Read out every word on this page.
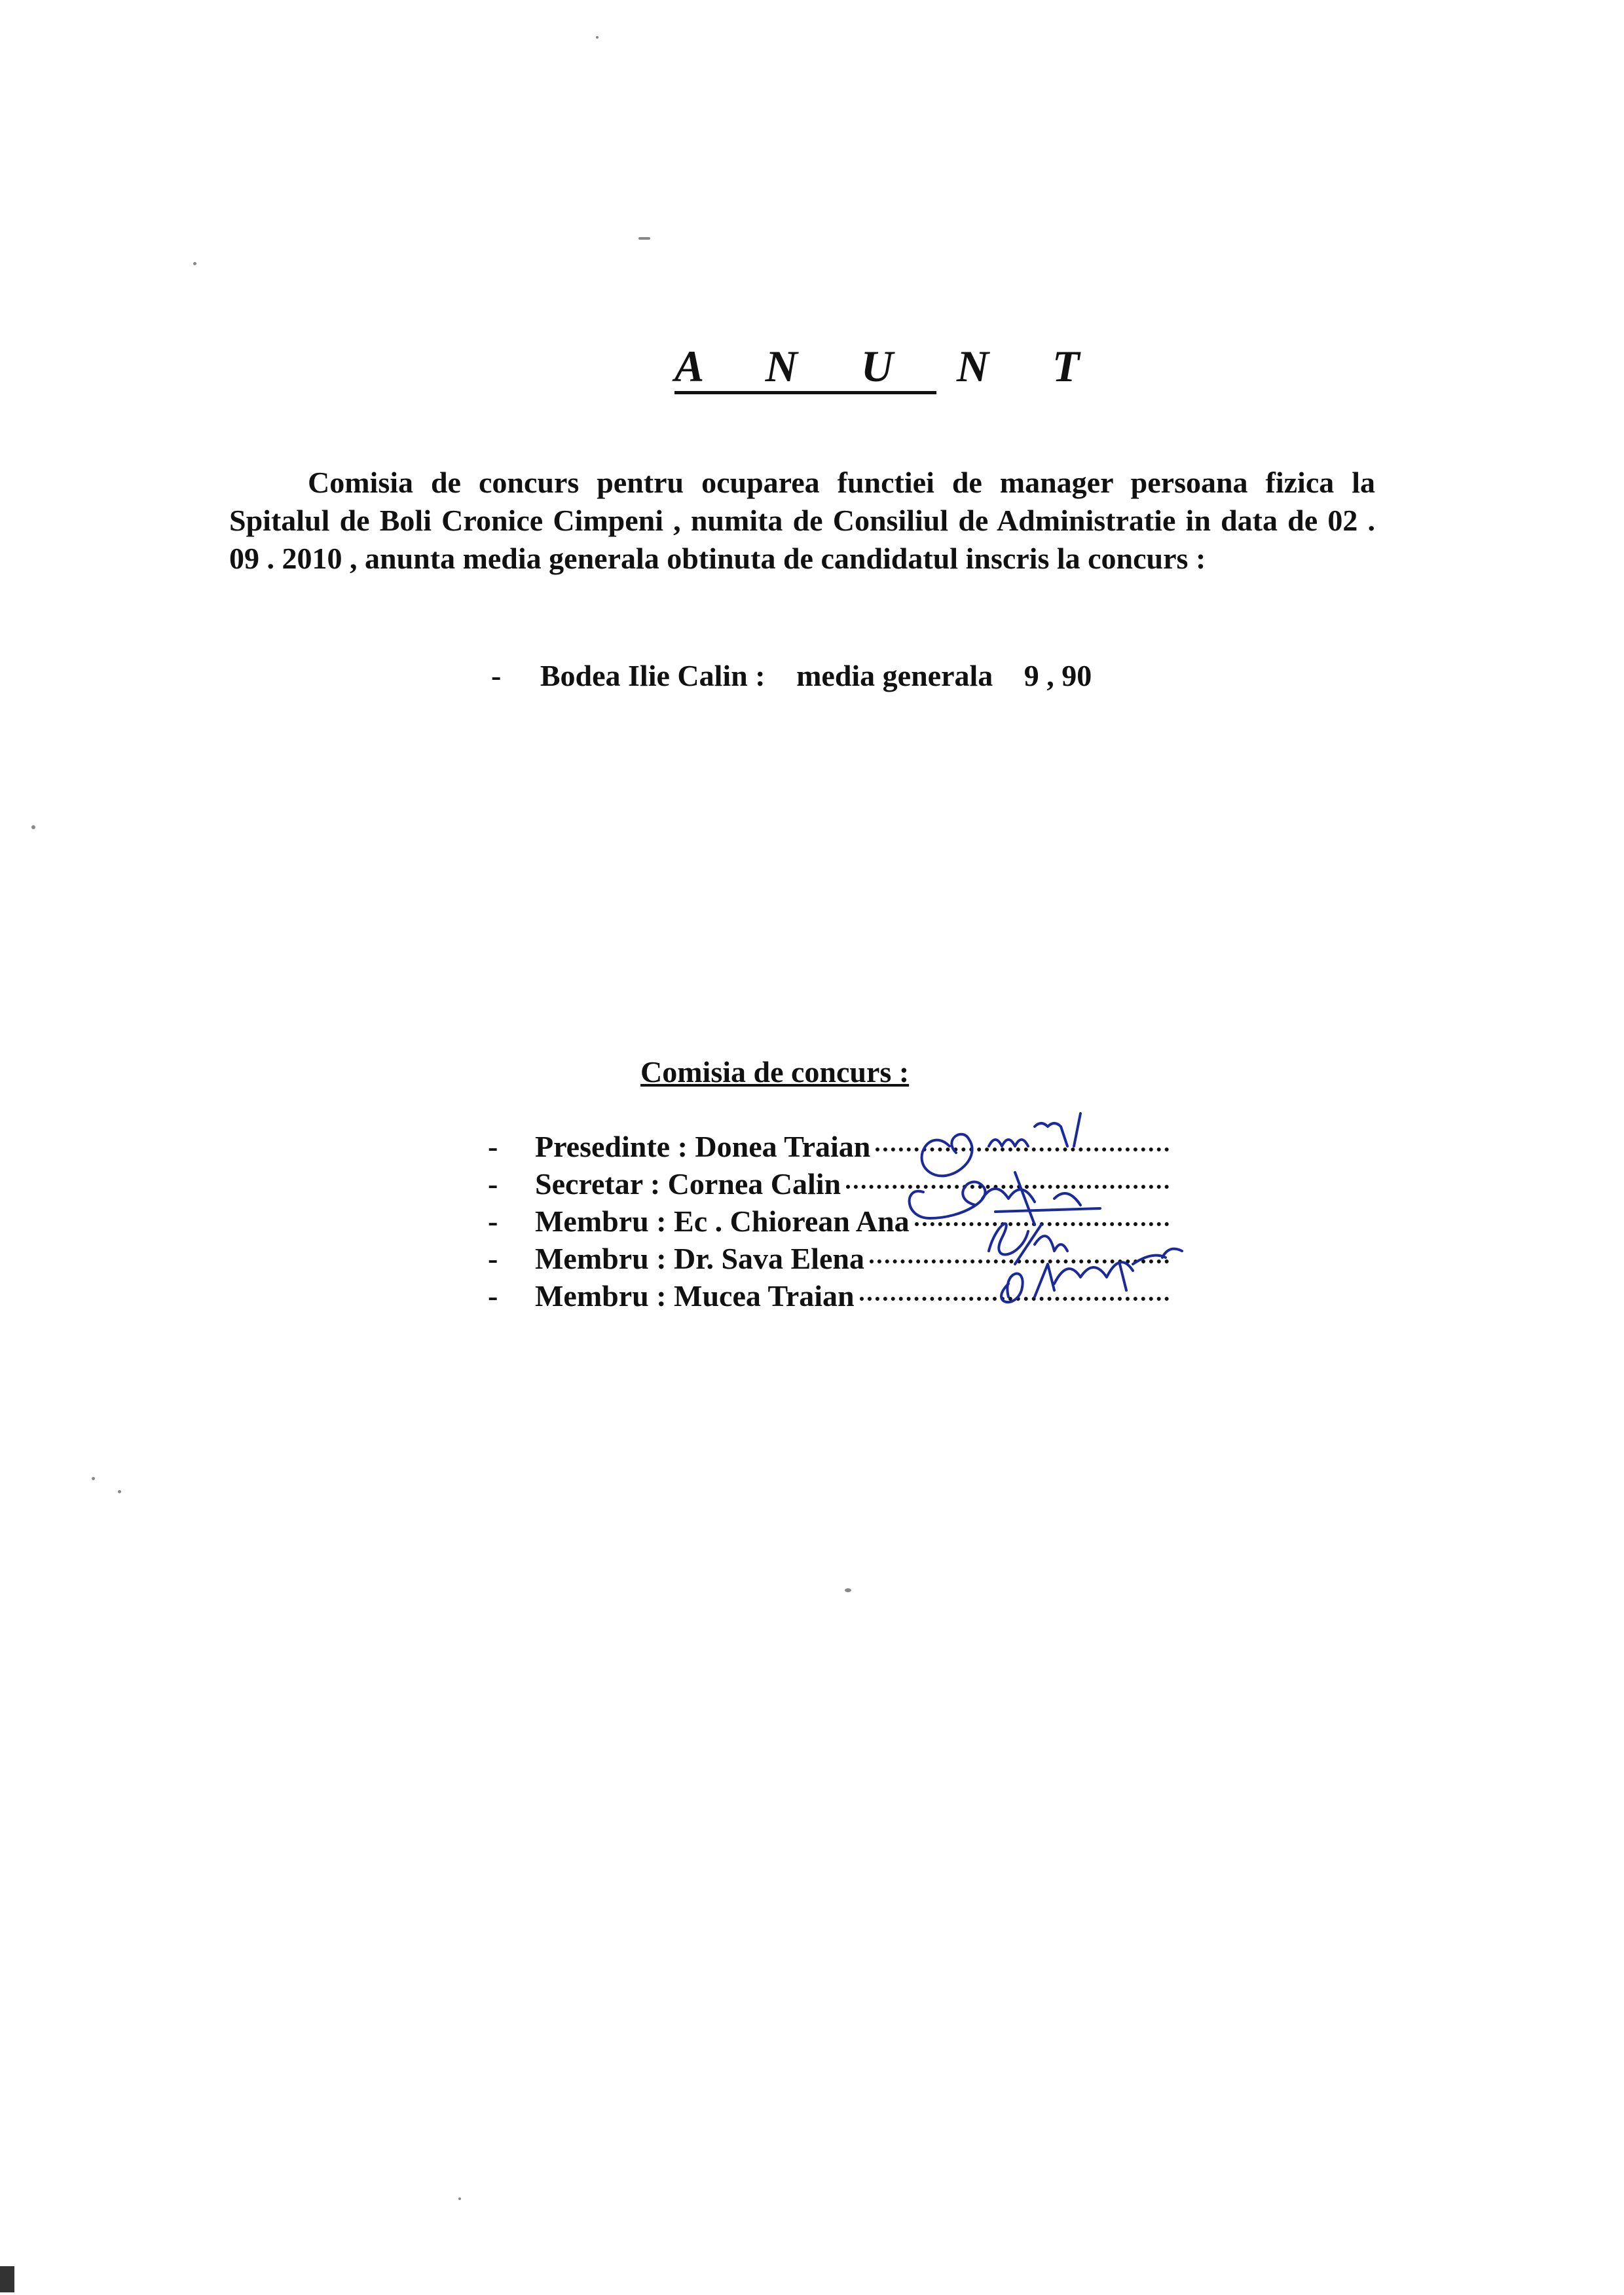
A N U N T

Comisia de concurs pentru ocuparea functiei de manager persoana fizica la Spitalul de Boli Cronice Cimpeni , numita de Consiliul de Administratie in data de 02 . 09 . 2010 , anunta media generala obtinuta de candidatul inscris la concurs :

- Bodea Ilie Calin : media generala 9 , 90
Comisia de concurs :
-	Presedinte : Donea Traian
-	Secretar : Cornea Calin
-	Membru : Ec . Chiorean Ana
-	Membru : Dr. Sava Elena
-	Membru : Mucea Traian
